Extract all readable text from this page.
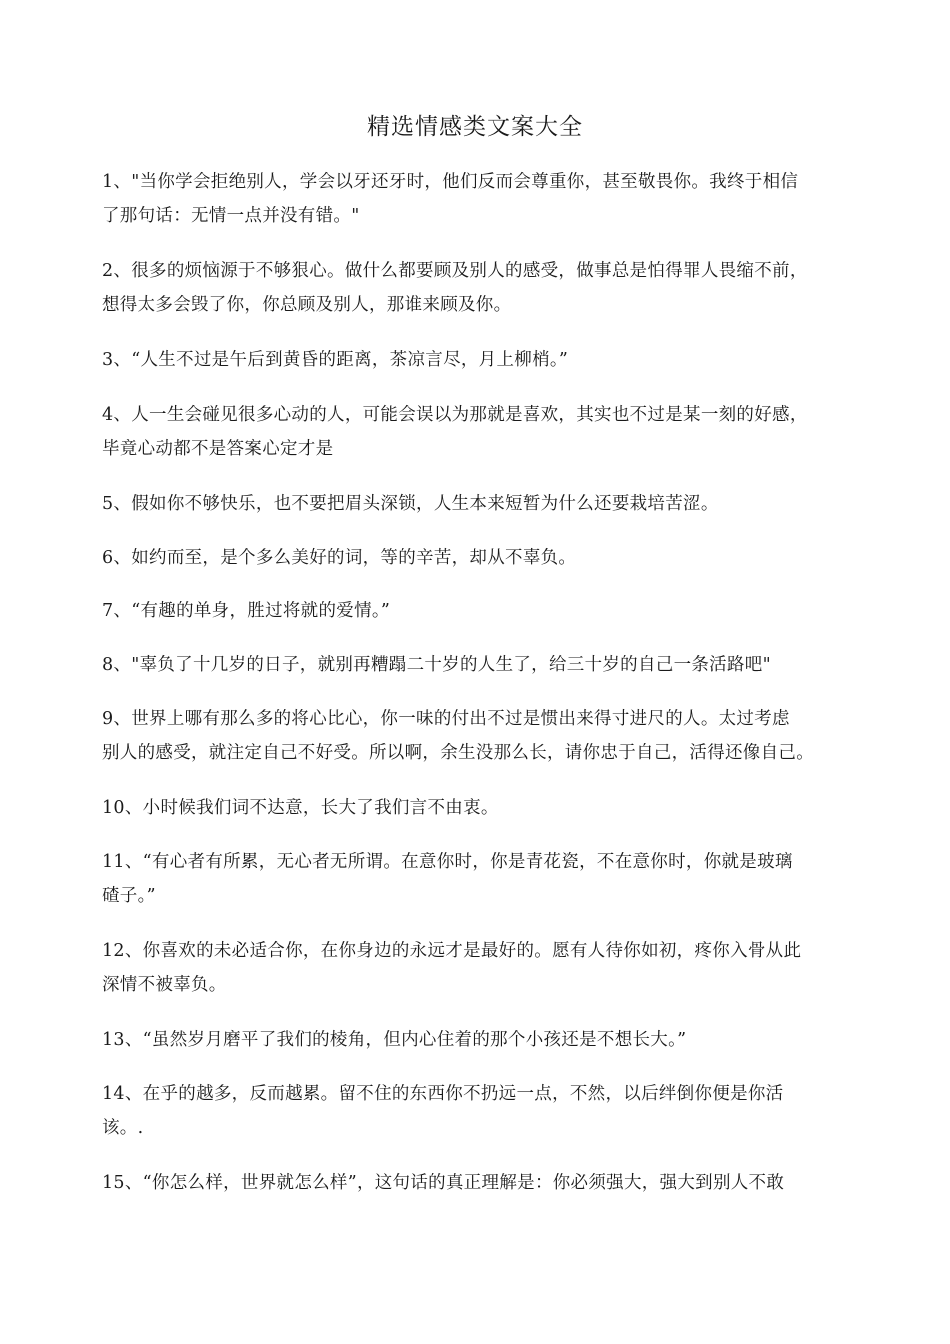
精选情感类文案大全
1、"当你学会拒绝别人，学会以牙还牙时，他们反而会尊重你，甚至敬畏你。我终于相信
了那句话：无情一点并没有错。"
2、很多的烦恼源于不够狠心。做什么都要顾及别人的感受，做事总是怕得罪人畏缩不前，
想得太多会毁了你，你总顾及别人，那谁来顾及你。
3、“人生不过是午后到黄昏的距离，茶凉言尽，月上柳梢。”
4、人一生会碰见很多心动的人，可能会误以为那就是喜欢，其实也不过是某一刻的好感，
毕竟心动都不是答案心定才是
5、假如你不够快乐，也不要把眉头深锁，人生本来短暂为什么还要栽培苦涩。
6、如约而至，是个多么美好的词，等的辛苦，却从不辜负。
7、“有趣的单身，胜过将就的爱情。”
8、"辜负了十几岁的日子，就别再糟蹋二十岁的人生了，给三十岁的自己一条活路吧"
9、世界上哪有那么多的将心比心，你一味的付出不过是惯出来得寸进尺的人。太过考虑
别人的感受，就注定自己不好受。所以啊，余生没那么长，请你忠于自己，活得还像自己。
10、小时候我们词不达意，长大了我们言不由衷。
11、“有心者有所累，无心者无所谓。在意你时，你是青花瓷，不在意你时，你就是玻璃
碴子。”
12、你喜欢的未必适合你，在你身边的永远才是最好的。愿有人待你如初，疼你入骨从此
深情不被辜负。
13、“虽然岁月磨平了我们的棱角，但内心住着的那个小孩还是不想长大。”
14、在乎的越多，反而越累。留不住的东西你不扔远一点，不然，以后绊倒你便是你活
该。.
15、“你怎么样，世界就怎么样”，这句话的真正理解是：你必须强大，强大到别人不敢
